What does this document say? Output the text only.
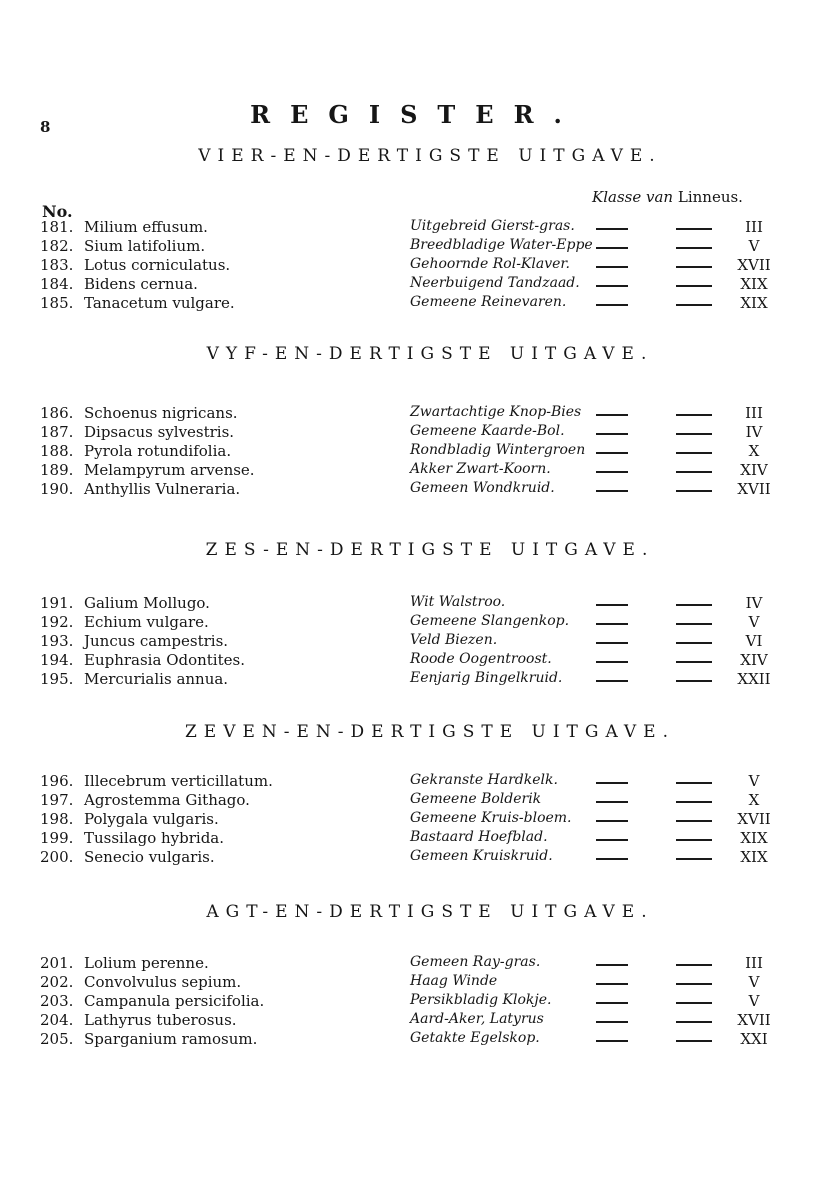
8	REGISTER.
No.
Klasse van Linneus.
VIER-EN-DERTIGSTE UITGAVE.
181. Milium effusum.	Uitgebreid Gierst-gras.	III
182. Sium latifolium.	Breedbladige Water-Eppe	V
183. Lotus corniculatus.	Gehoornde Rol-Klaver.	XVII
184. Bidens cernua.	Neerbuigend Tandzaad.	XIX
185. Tanacetum vulgare.	Gemeene Reinevaren.	XIX
VYF-EN-DERTIGSTE UITGAVE.
186. Schoenus nigricans.	Zwartachtige Knop-Bies	III
187. Dipsacus sylvestris.	Gemeene Kaarde-Bol.	IV
188. Pyrola rotundifolia.	Rondbladig Wintergroen	X
189. Melampyrum arvense.	Akker Zwart-Koorn.	XIV
190. Anthyllis Vulneraria.	Gemeen Wondkruid.	XVII
ZES-EN-DERTIGSTE UITGAVE.
191. Galium Mollugo.	Wit Walstroo.	IV
192. Echium vulgare.	Gemeene Slangenkop.	V
193. Juncus campestris.	Veld Biezen.	VI
194. Euphrasia Odontites.	Roode Oogentroost.	XIV
195. Mercurialis annua.	Eenjarig Bingelkruid.	XXII
ZEVEN-EN-DERTIGSTE UITGAVE.
196. Illecebrum verticillatum.	Gekranste Hardkelk.	V
197. Agrostemma Githago.	Gemeene Bolderik	X
198. Polygala vulgaris.	Gemeene Kruis-bloem.	XVII
199. Tussilago hybrida.	Bastaard Hoefblad.	XIX
200. Senecio vulgaris.	Gemeen Kruiskruid.	XIX
AGT-EN-DERTIGSTE UITGAVE.
201. Lolium perenne.	Gemeen Ray-gras.	III
202. Convolvulus sepium.	Haag Winde	V
203. Campanula persicifolia.	Persikbladig Klokje.	V
204. Lathyrus tuberosus.	Aard-Aker, Latyrus	XVII
205. Sparganium ramosum.	Getakte Egelskop.	XXI
